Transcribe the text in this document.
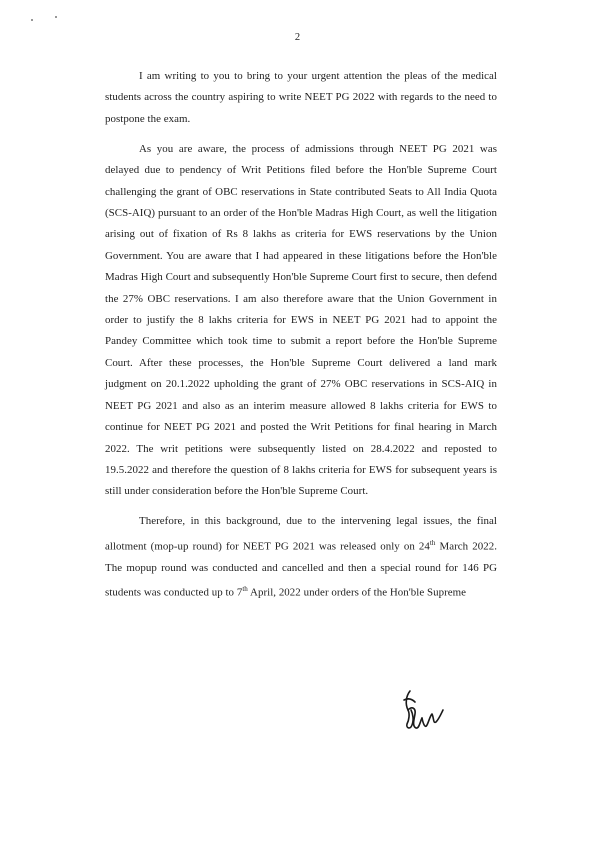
2

I am writing to you to bring to your urgent attention the pleas of the medical students across the country aspiring to write NEET PG 2022 with regards to the need to postpone the exam.

As you are aware, the process of admissions through NEET PG 2021 was delayed due to pendency of Writ Petitions filed before the Hon'ble Supreme Court challenging the grant of OBC reservations in State contributed Seats to All India Quota (SCS-AIQ) pursuant to an order of the Hon'ble Madras High Court, as well the litigation arising out of fixation of Rs 8 lakhs as criteria for EWS reservations by the Union Government. You are aware that I had appeared in these litigations before the Hon'ble Madras High Court and subsequently Hon'ble Supreme Court first to secure, then defend the 27% OBC reservations. I am also therefore aware that the Union Government in order to justify the 8 lakhs criteria for EWS in NEET PG 2021 had to appoint the Pandey Committee which took time to submit a report before the Hon'ble Supreme Court. After these processes, the Hon'ble Supreme Court delivered a land mark judgment on 20.1.2022 upholding the grant of 27% OBC reservations in SCS-AIQ in NEET PG 2021 and also as an interim measure allowed 8 lakhs criteria for EWS to continue for NEET PG 2021 and posted the Writ Petitions for final hearing in March 2022. The writ petitions were subsequently listed on 28.4.2022 and reposted to 19.5.2022 and therefore the question of 8 lakhs criteria for EWS for subsequent years is still under consideration before the Hon'ble Supreme Court.

Therefore, in this background, due to the intervening legal issues, the final allotment (mop-up round) for NEET PG 2021 was released only on 24th March 2022. The mopup round was conducted and cancelled and then a special round for 146 PG students was conducted up to 7th April, 2022 under orders of the Hon'ble Supreme
